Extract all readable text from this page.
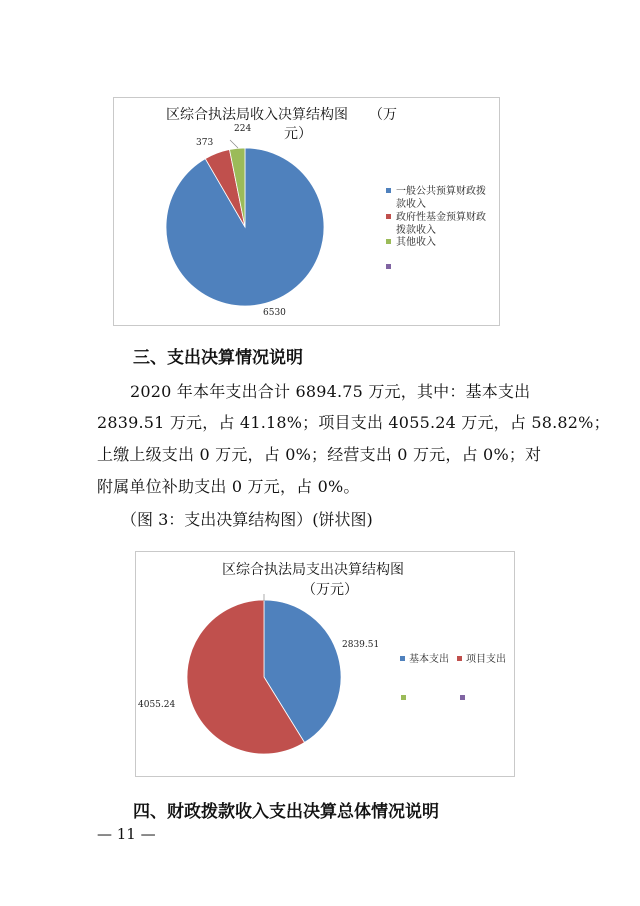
区综合执法局收入决算结构图　　（万
元）
224
373
6530
一般公共预算财政拨
款收入
政府性基金预算财政
拨款收入
其他收入
三、支出决算情况说明
2020 年本年支出合计 6894.75 万元，其中：基本支出
2839.51 万元，占 41.18%；项目支出 4055.24 万元，占 58.82%；
上缴上级支出 0 万元，占 0%；经营支出 0 万元，占 0%；对
附属单位补助支出 0 万元，占 0%。
（图 3：支出决算结构图）(饼状图)
区综合执法局支出决算结构图
（万元）
2839.51
4055.24
基本支出 项目支出
四、财政拨款收入支出决算总体情况说明
— 11 —
